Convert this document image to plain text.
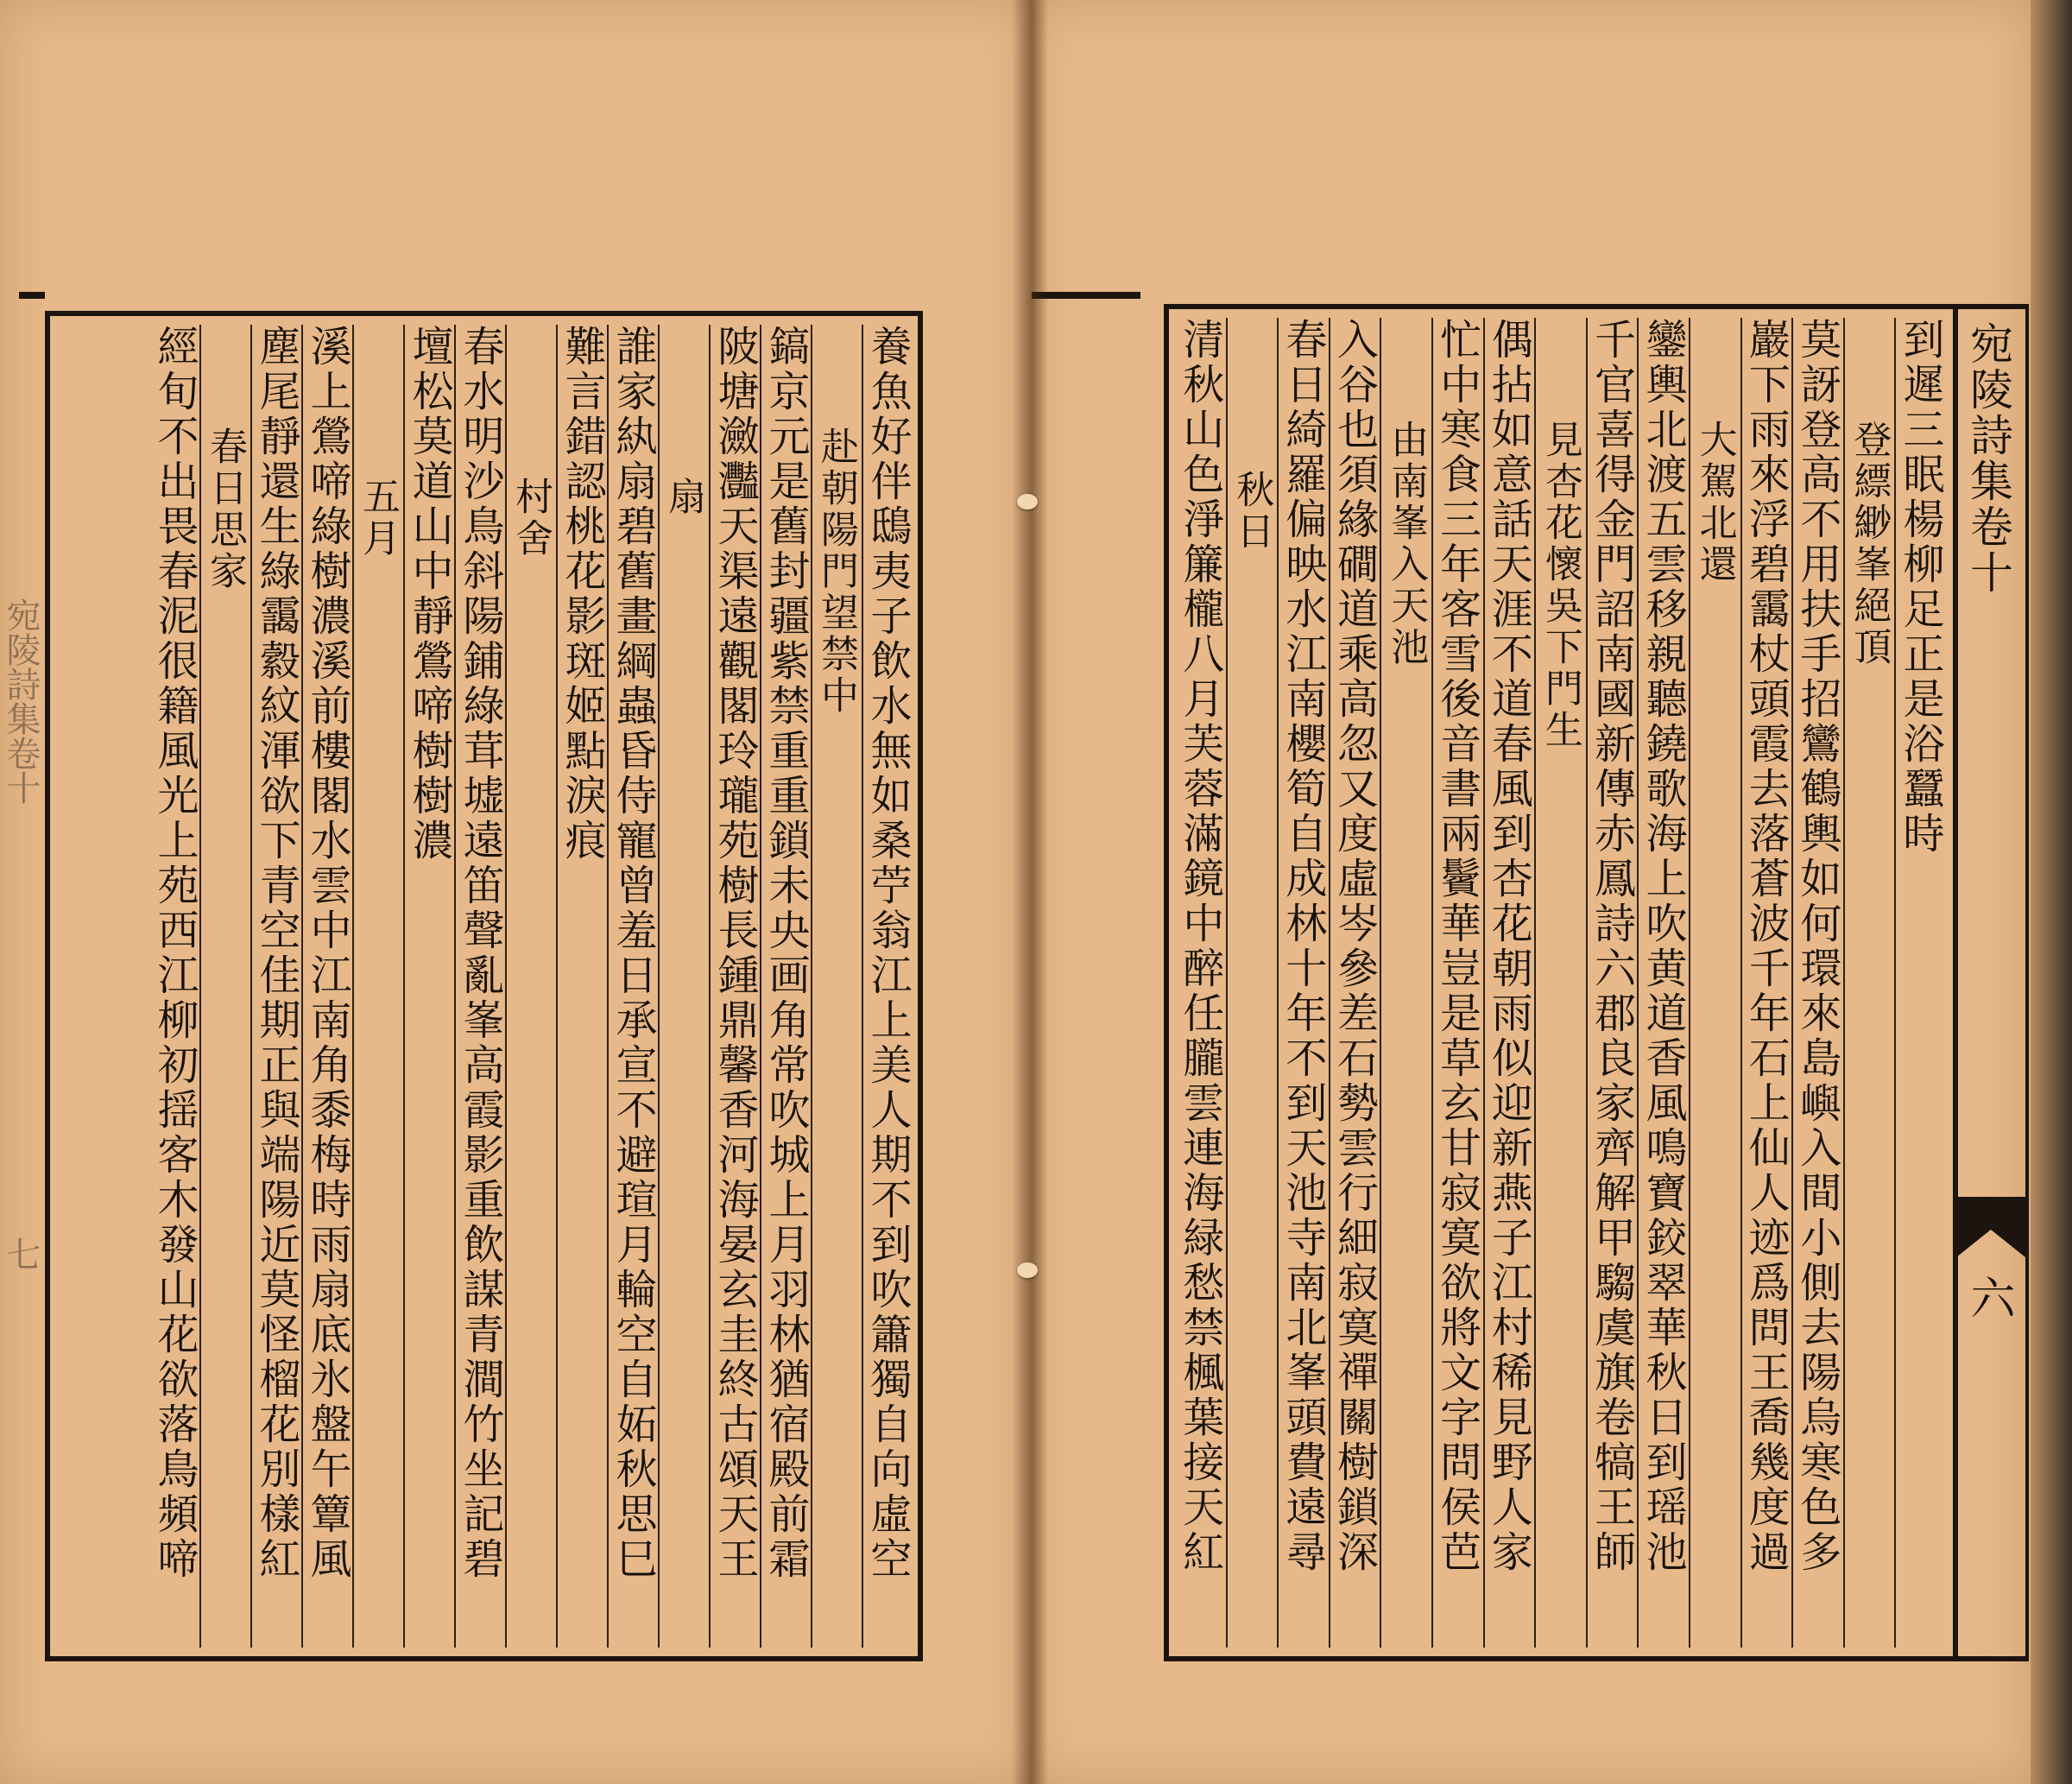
宛陵詩集卷十
七	養魚好伴鴟夷子飲水無如桑苧翁江上美人期不到吹簫獨自向虛空
赴朝陽門望禁中
鎬京元是舊封疆紫禁重重鎖未央画角常吹城上月羽林猶宿殿前霜
陂塘瀲灩天渠遠觀閣玲瓏苑樹長鍾鼎馨香河海晏玄圭終古頌天王
扇
誰家紈扇碧舊畫綱蟲昏侍寵曾羞日承宣不避瑄月輪空自妬秋思巳
難言錯認桃花影斑姬點淚痕
村舍
春水明沙鳥斜陽鋪綠茸墟遠笛聲亂峯高霞影重飲謀青澗竹坐記碧
壇松莫道山中靜鶯啼樹樹濃
五月
溪上鶯啼綠樹濃溪前樓閣水雲中江南角黍梅時雨扇底氷盤午簟風
塵尾靜還生綠靄縠紋渾欲下青空佳期正與端陽近莫怪榴花別樣紅
春日思家
經旬不出畏春泥很籍風光上苑西江柳初揺客木發山花欲落鳥頻啼	到遲三眠楊柳足正是浴蠶時
登縹緲峯絕頂
莫訝登高不用扶手招鸞鶴輿如何環來島嶼入間小側去陽烏寒色多
巖下雨來浮碧靄杖頭霞去落蒼波千年石上仙人迹爲問王喬幾度過
大駕北還
鑾輿北渡五雲移親聽鐃歌海上吹黄道香風鳴寶鉸翠華秋日到瑶池
千官喜得金門詔南國新傳赤鳳詩六郡良家齊解甲騶虞旗卷犒王師
見杏花懷吳下門生
偶拈如意話天涯不道春風到杏花朝雨似迎新燕子江村稀見野人家
忙中寒食三年客雪後音書兩鬢華豈是草玄甘寂寞欲將文字問侯芭
由南峯入天池
入谷也須緣磵道乘高忽又度虛岑參差石勢雲行細寂寞禪關樹鎖深
春日綺羅偏映水江南櫻筍自成林十年不到天池寺南北峯頭費遠尋
秋日
清秋山色淨簾櫳八月芙蓉滿鏡中醉任朧雲連海緑愁禁楓葉接天紅	宛陵詩集卷十
六
